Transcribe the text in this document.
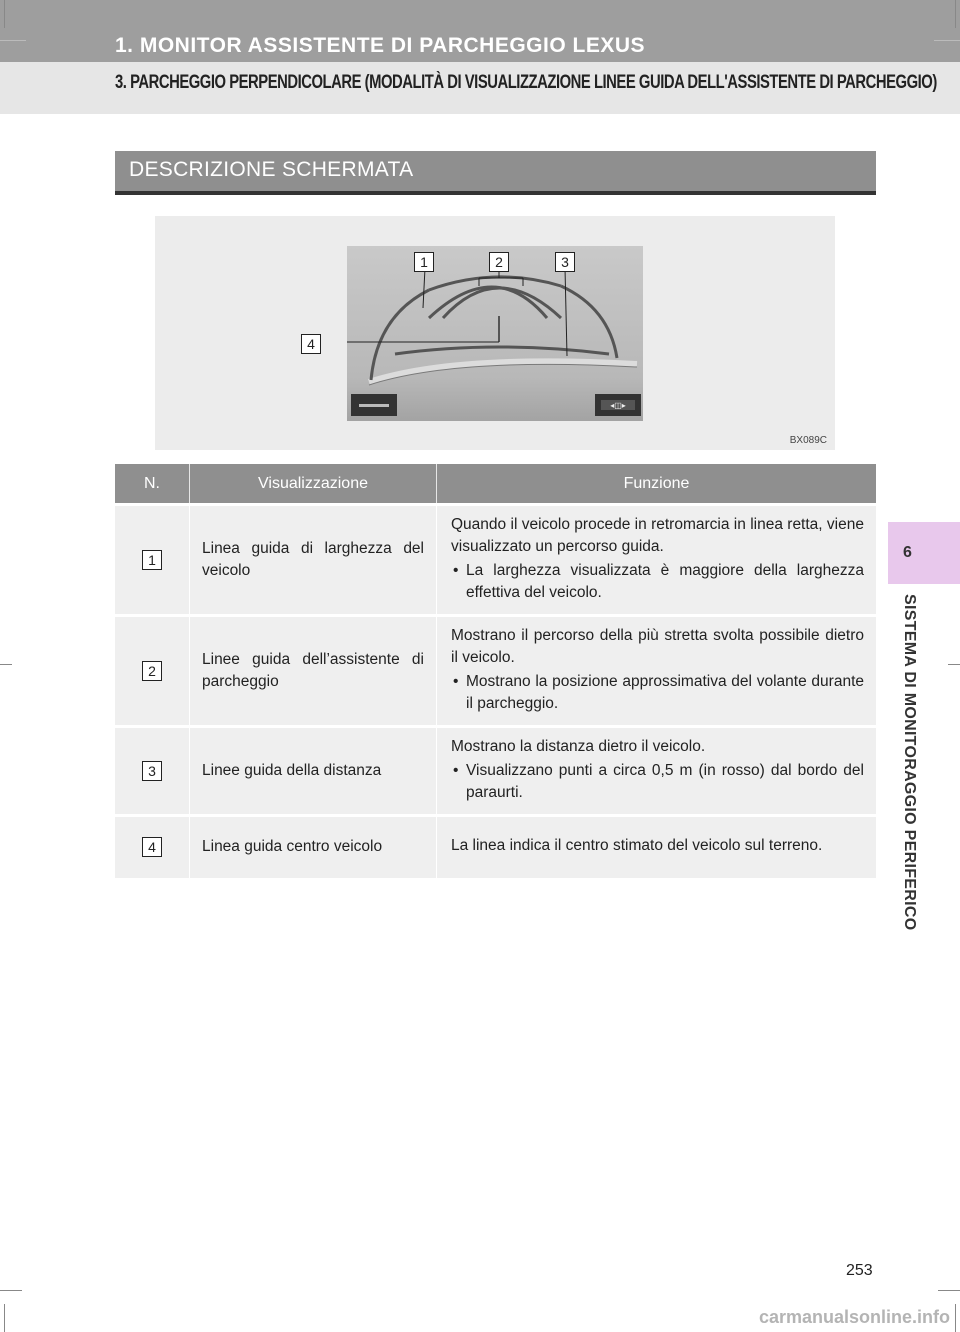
1. MONITOR ASSISTENTE DI PARCHEGGIO LEXUS
3. PARCHEGGIO PERPENDICOLARE (MODALITÀ DI VISUALIZZAZIONE LINEE GUIDA DELL'ASSISTENTE DI PARCHEGGIO)
DESCRIZIONE SCHERMATA
◂◫▸
1	2	3
4
BX089C
N.	Visualizzazione	Funzione
1	Linea guida di larghezza del veicolo	Quando il veicolo procede in retromarcia in linea retta, viene visualizzato un percorso guida.
• La larghezza visualizzata è maggiore della larghezza effettiva del veicolo.

2	Linee guida dell’assistente di parcheggio	Mostrano il percorso della più stretta svolta possibile dietro il veicolo.
• Mostrano la posizione approssimativa del volante durante il parcheggio.

3	Linee guida della distanza	Mostrano la distanza dietro il veicolo.
• Visualizzano punti a circa 0,5 m (in rosso) dal bordo del paraurti.

4	Linea guida centro veicolo	La linea indica il centro stimato del veicolo sul terreno.
6
SISTEMA DI MONITORAGGIO PERIFERICO
253
carmanualsonline.info
